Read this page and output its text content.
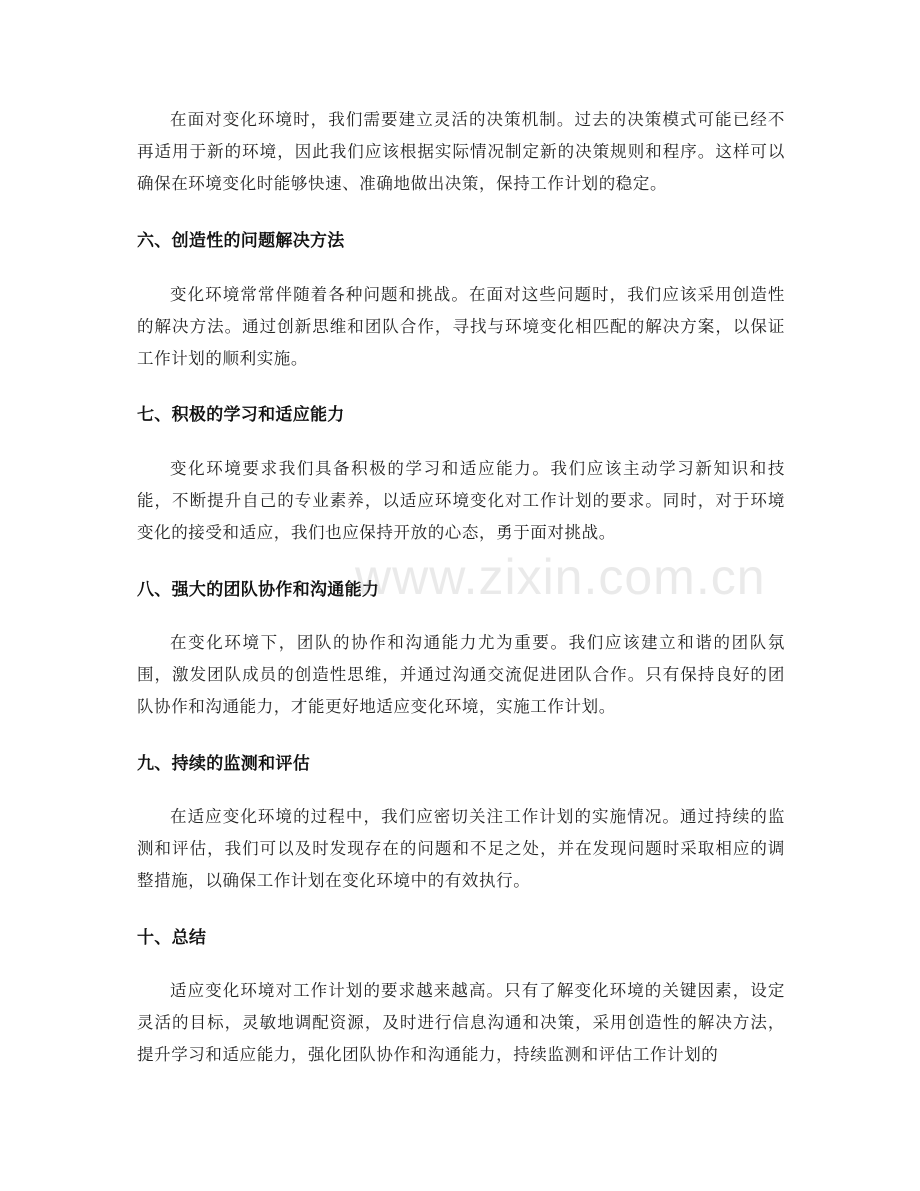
在面对变化环境时，我们需要建立灵活的决策机制。过去的决策模式可能已经不再适用于新的环境，因此我们应该根据实际情况制定新的决策规则和程序。这样可以确保在环境变化时能够快速、准确地做出决策，保持工作计划的稳定。

六、创造性的问题解决方法

变化环境常常伴随着各种问题和挑战。在面对这些问题时，我们应该采用创造性的解决方法。通过创新思维和团队合作，寻找与环境变化相匹配的解决方案，以保证工作计划的顺利实施。

七、积极的学习和适应能力

变化环境要求我们具备积极的学习和适应能力。我们应该主动学习新知识和技能，不断提升自己的专业素养，以适应环境变化对工作计划的要求。同时，对于环境变化的接受和适应，我们也应保持开放的心态，勇于面对挑战。

八、强大的团队协作和沟通能力

在变化环境下，团队的协作和沟通能力尤为重要。我们应该建立和谐的团队氛围，激发团队成员的创造性思维，并通过沟通交流促进团队合作。只有保持良好的团队协作和沟通能力，才能更好地适应变化环境，实施工作计划。

九、持续的监测和评估

在适应变化环境的过程中，我们应密切关注工作计划的实施情况。通过持续的监测和评估，我们可以及时发现存在的问题和不足之处，并在发现问题时采取相应的调整措施，以确保工作计划在变化环境中的有效执行。

十、总结

适应变化环境对工作计划的要求越来越高。只有了解变化环境的关键因素，设定灵活的目标，灵敏地调配资源，及时进行信息沟通和决策，采用创造性的解决方法，提升学习和适应能力，强化团队协作和沟通能力，持续监测和评估工作计划的

www.zixin.com.cn
